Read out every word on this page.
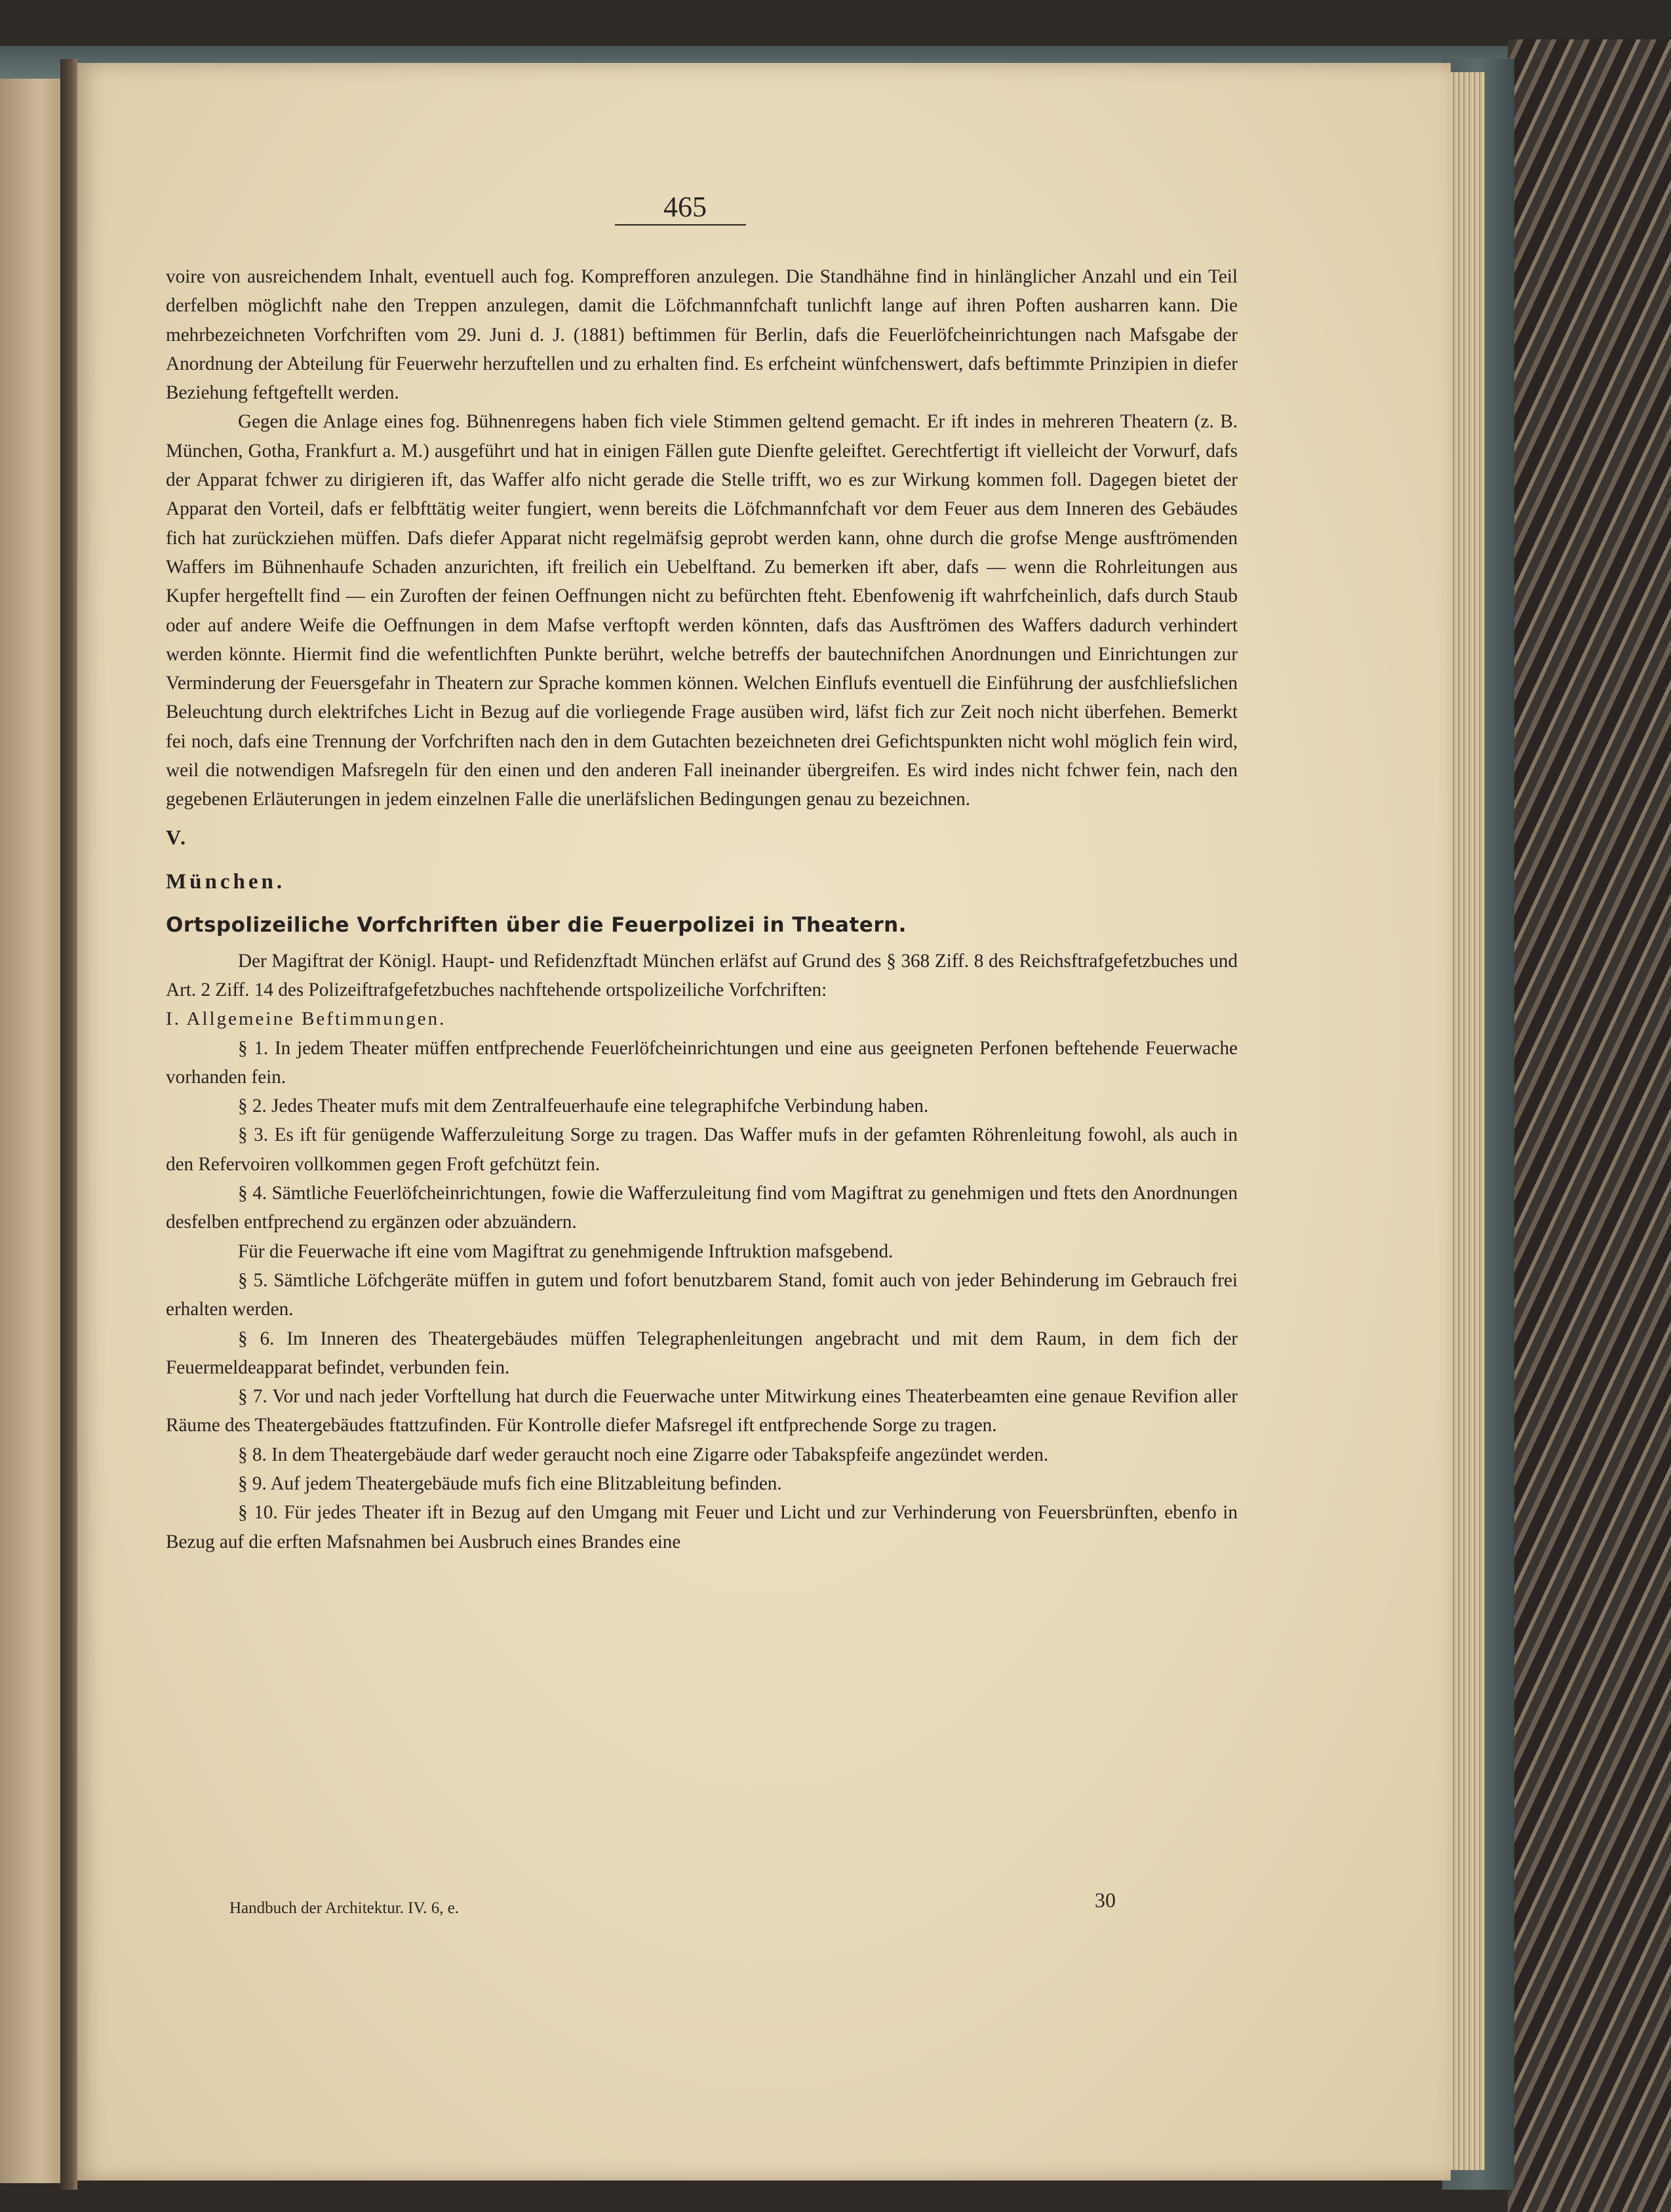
465

voire von ausreichendem Inhalt, eventuell auch fog. Komprefforen anzulegen. Die Standhähne find in hinlänglicher Anzahl und ein Teil derfelben möglichft nahe den Treppen anzulegen, damit die Löfchmannfchaft tunlichft lange auf ihren Poften ausharren kann. Die mehrbezeichneten Vorfchriften vom 29. Juni d. J. (1881) beftimmen für Berlin, dafs die Feuerlöfcheinrichtungen nach Mafsgabe der Anordnung der Abteilung für Feuerwehr herzuftellen und zu erhalten find. Es erfcheint wünfchenswert, dafs beftimmte Prinzipien in diefer Beziehung feftgeftellt werden.

Gegen die Anlage eines fog. Bühnenregens haben fich viele Stimmen geltend gemacht. Er ift indes in mehreren Theatern (z. B. München, Gotha, Frankfurt a. M.) ausgeführt und hat in einigen Fällen gute Dienfte geleiftet. Gerechtfertigt ift vielleicht der Vorwurf, dafs der Apparat fchwer zu dirigieren ift, das Waffer alfo nicht gerade die Stelle trifft, wo es zur Wirkung kommen foll. Dagegen bietet der Apparat den Vorteil, dafs er felbfttätig weiter fungiert, wenn bereits die Löfchmannfchaft vor dem Feuer aus dem Inneren des Gebäudes fich hat zurückziehen müffen. Dafs diefer Apparat nicht regelmäfsig geprobt werden kann, ohne durch die grofse Menge ausftrömenden Waffers im Bühnenhaufe Schaden anzurichten, ift freilich ein Uebelftand. Zu bemerken ift aber, dafs — wenn die Rohrleitungen aus Kupfer hergeftellt find — ein Zuroften der feinen Oeffnungen nicht zu befürchten fteht. Ebenfowenig ift wahrfcheinlich, dafs durch Staub oder auf andere Weife die Oeffnungen in dem Mafse verftopft werden könnten, dafs das Ausftrömen des Waffers dadurch verhindert werden könnte. Hiermit find die wefentlichften Punkte berührt, welche betreffs der bautechnifchen Anordnungen und Einrichtungen zur Verminderung der Feuersgefahr in Theatern zur Sprache kommen können. Welchen Einflufs eventuell die Einführung der ausfchliefslichen Beleuchtung durch elektrifches Licht in Bezug auf die vorliegende Frage ausüben wird, läfst fich zur Zeit noch nicht überfehen. Bemerkt fei noch, dafs eine Trennung der Vorfchriften nach den in dem Gutachten bezeichneten drei Gefichtspunkten nicht wohl möglich fein wird, weil die notwendigen Mafsregeln für den einen und den anderen Fall ineinander übergreifen. Es wird indes nicht fchwer fein, nach den gegebenen Erläuterungen in jedem einzelnen Falle die unerläfslichen Bedingungen genau zu bezeichnen.

V.

München.

Ortspolizeiliche Vorfchriften über die Feuerpolizei in Theatern.

Der Magiftrat der Königl. Haupt- und Refidenzftadt München erläfst auf Grund des § 368 Ziff. 8 des Reichsftrafgefetzbuches und Art. 2 Ziff. 14 des Polizeiftrafgefetzbuches nachftehende ortspolizeiliche Vorfchriften:

I. Allgemeine Beftimmungen.

§ 1. In jedem Theater müffen entfprechende Feuerlöfcheinrichtungen und eine aus geeigneten Perfonen beftehende Feuerwache vorhanden fein.

§ 2. Jedes Theater mufs mit dem Zentralfeuerhaufe eine telegraphifche Verbindung haben.

§ 3. Es ift für genügende Wafferzuleitung Sorge zu tragen. Das Waffer mufs in der gefamten Röhrenleitung fowohl, als auch in den Refervoiren vollkommen gegen Froft gefchützt fein.

§ 4. Sämtliche Feuerlöfcheinrichtungen, fowie die Wafferzuleitung find vom Magiftrat zu genehmigen und ftets den Anordnungen desfelben entfprechend zu ergänzen oder abzuändern.

Für die Feuerwache ift eine vom Magiftrat zu genehmigende Inftruktion mafsgebend.

§ 5. Sämtliche Löfchgeräte müffen in gutem und fofort benutzbarem Stand, fomit auch von jeder Behinderung im Gebrauch frei erhalten werden.

§ 6. Im Inneren des Theatergebäudes müffen Telegraphenleitungen angebracht und mit dem Raum, in dem fich der Feuermeldeapparat befindet, verbunden fein.

§ 7. Vor und nach jeder Vorftellung hat durch die Feuerwache unter Mitwirkung eines Theaterbeamten eine genaue Revifion aller Räume des Theatergebäudes ftattzufinden. Für Kontrolle diefer Mafsregel ift entfprechende Sorge zu tragen.

§ 8. In dem Theatergebäude darf weder geraucht noch eine Zigarre oder Tabakspfeife angezündet werden.

§ 9. Auf jedem Theatergebäude mufs fich eine Blitzableitung befinden.

§ 10. Für jedes Theater ift in Bezug auf den Umgang mit Feuer und Licht und zur Verhinderung von Feuersbrünften, ebenfo in Bezug auf die erften Mafsnahmen bei Ausbruch eines Brandes eine

Handbuch der Architektur. IV. 6, e.	30
